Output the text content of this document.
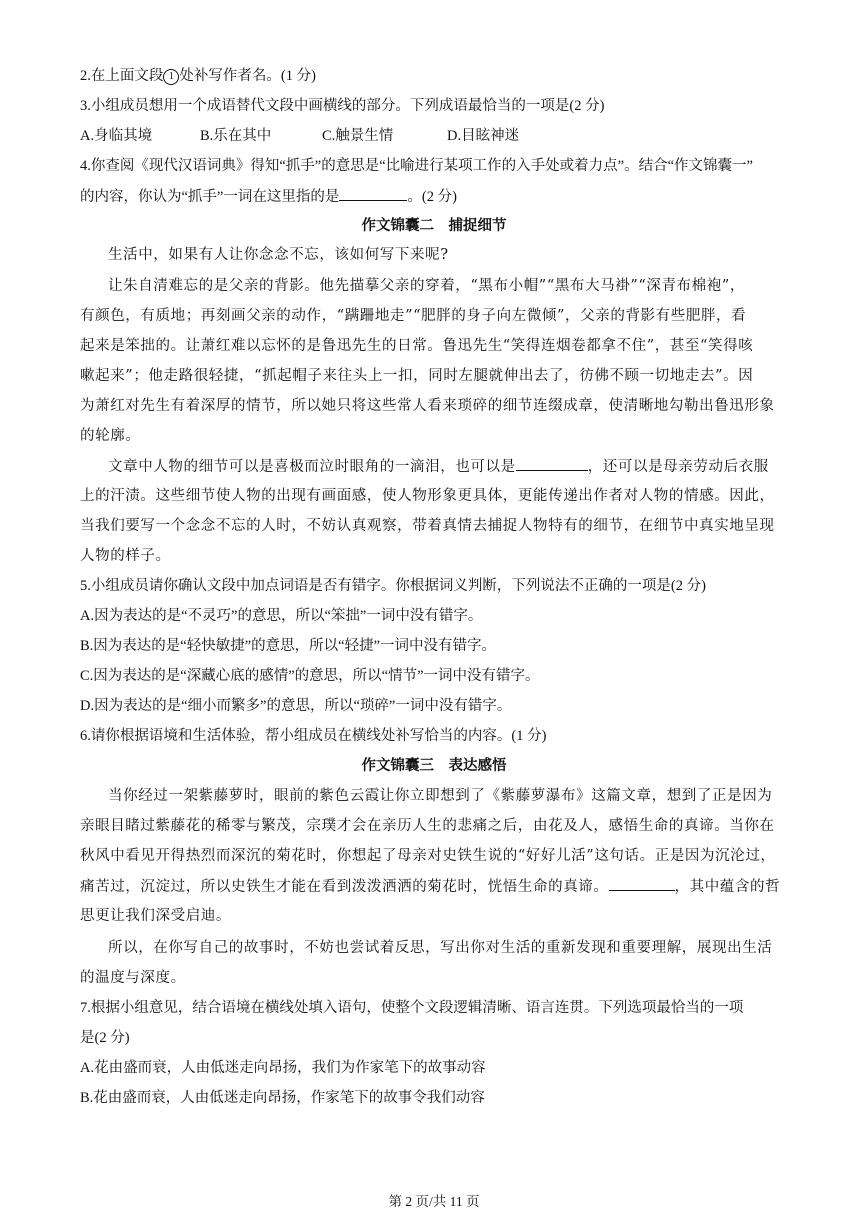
2.在上面文段 1 处补写作者名。(1 分)
3.小组成员想用一个成语替代文段中画横线的部分。下列成语最恰当的一项是(2 分)
A.身临其境	B.乐在其中	C.触景生情	D.目眩神迷
4.你查阅《现代汉语词典》得知“抓手”的意思是“比喻进行某项工作的入手处或着力点”。结合“作文锦囊一”
的内容，你认为“抓手”一词在这里指的是	。(2 分)
作文锦囊二　捕捉细节
生活中，如果有人让你念念不忘，该如何写下来呢?
让朱自清难忘的是父亲的背影。他先描摹父亲的穿着，“黑布小帽”“黑布大马褂”“深青布棉袍”，
有颜色，有质地；再刻画父亲的动作，“蹒跚地走”“肥胖的身子向左微倾”，父亲的背影有些肥胖，看
起来是笨拙的。让萧红难以忘怀的是鲁迅先生的日常。鲁迅先生“笑得连烟卷都拿不住”，甚至“笑得咳
嗽起来”；他走路很轻捷，“抓起帽子来往头上一扣，同时左腿就伸出去了，彷佛不顾一切地走去”。因
为萧红对先生有着深厚的情节，所以她只将这些常人看来琐碎的细节连缀成章，使清晰地勾勒出鲁迅形象
的轮廓。
文章中人物的细节可以是喜极而泣时眼角的一滴泪，也可以是	，还可以是母亲劳动后衣服
上的汗渍。这些细节使人物的出现有画面感，使人物形象更具体，更能传递出作者对人物的情感。因此，
当我们要写一个念念不忘的人时，不妨认真观察，带着真情去捕捉人物特有的细节，在细节中真实地呈现
人物的样子。
5.小组成员请你确认文段中加点词语是否有错字。你根据词义判断，下列说法不正确的一项是(2 分)
A.因为表达的是“不灵巧”的意思，所以“笨拙”一词中没有错字。
B.因为表达的是“轻快敏捷”的意思，所以“轻捷”一词中没有错字。
C.因为表达的是“深藏心底的感情”的意思，所以“情节”一词中没有错字。
D.因为表达的是“细小而繁多”的意思，所以“琐碎”一词中没有错字。
6.请你根据语境和生活体验，帮小组成员在横线处补写恰当的内容。(1 分)
作文锦囊三　表达感悟
当你经过一架紫藤萝时，眼前的紫色云霞让你立即想到了《紫藤萝瀑布》这篇文章，想到了正是因为
亲眼目睹过紫藤花的稀零与繁茂，宗璞才会在亲历人生的悲痛之后，由花及人，感悟生命的真谛。当你在
秋风中看见开得热烈而深沉的菊花时，你想起了母亲对史铁生说的“好好儿活”这句话。正是因为沉沦过，
痛苦过，沉淀过，所以史铁生才能在看到泼泼洒洒的菊花时，恍悟生命的真谛。	，其中蕴含的哲
思更让我们深受启迪。
所以，在你写自己的故事时，不妨也尝试着反思，写出你对生活的重新发现和重要理解，展现出生活
的温度与深度。
7.根据小组意见，结合语境在横线处填入语句，使整个文段逻辑清晰、语言连贯。下列选项最恰当的一项
是(2 分)
A.花由盛而衰，人由低迷走向昂扬，我们为作家笔下的故事动容
B.花由盛而衰，人由低迷走向昂扬，作家笔下的故事令我们动容
第 2 页/共 11 页
